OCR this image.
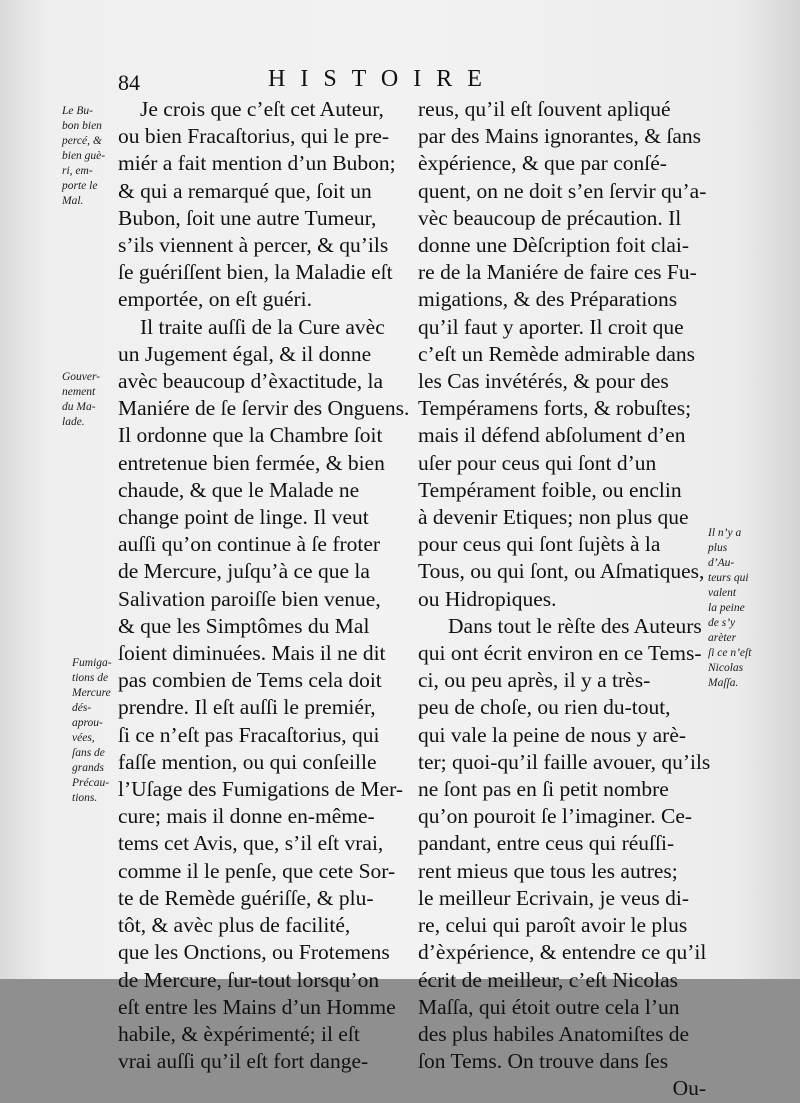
84	HISTOIRE
Le Bu-
bon bien
percé, &
bien guè-
ri, em-
porte le
Mal.
Gouver-
nement
du Ma-
lade.
Fumiga-
tions de
Mercure
dés-
aprou-
vées,
ſans de
grands
Précau-
tions.
Il n’y a
plus
d’Au-
teurs qui
valent
la peine
de s’y
arèter
ſi ce n’eſt
Nicolas
Maſſa.
Je crois que c’eſt cet Auteur,
ou bien Fracaſtorius, qui le pre-
miér a fait mention d’un Bubon;
& qui a remarqué que, ſoit un
Bubon, ſoit une autre Tumeur,
s’ils viennent à percer, & qu’ils
ſe guériſſent bien, la Maladie eſt
emportée, on eſt guéri.
Il traite auſſi de la Cure avèc
un Jugement égal, & il donne
avèc beaucoup d’èxactitude, la
Maniére de ſe ſervir des Onguens.
Il ordonne que la Chambre ſoit
entretenue bien fermée, & bien
chaude, & que le Malade ne
change point de linge. Il veut
auſſi qu’on continue à ſe froter
de Mercure, juſqu’à ce que la
Salivation paroiſſe bien venue,
& que les Simptômes du Mal
ſoient diminuées. Mais il ne dit
pas combien de Tems cela doit
prendre. Il eſt auſſi le premiér,
ſi ce n’eſt pas Fracaſtorius, qui
faſſe mention, ou qui conſeille
l’Uſage des Fumigations de Mer-
cure; mais il donne en-même-
tems cet Avis, que, s’il eſt vrai,
comme il le penſe, que cete Sor-
te de Remède guériſſe, & plu-
tôt, & avèc plus de facilité,
que les Onctions, ou Frotemens
de Mercure, ſur-tout lorsqu’on
eſt entre les Mains d’un Homme
habile, & èxpérimenté; il eſt
vrai auſſi qu’il eſt fort dange-
reus, qu’il eſt ſouvent apliqué
par des Mains ignorantes, & ſans
èxpérience, & que par conſé-
quent, on ne doit s’en ſervir qu’a-
vèc beaucoup de précaution. Il
donne une Dèſcription foit clai-
re de la Maniére de faire ces Fu-
migations, & des Préparations
qu’il faut y aporter. Il croit que
c’eſt un Remède admirable dans
les Cas invétérés, & pour des
Tempéramens forts, & robuſtes;
mais il défend abſolument d’en
uſer pour ceus qui ſont d’un
Tempérament foible, ou enclin
à devenir Etiques; non plus que
pour ceus qui ſont ſujèts à la
Tous, ou qui ſont, ou Aſmatiques,
ou Hidropiques.
Dans tout le rèſte des Auteurs
qui ont écrit environ en ce Tems-
ci, ou peu après, il y a très-
peu de choſe, ou rien du-tout,
qui vale la peine de nous y arè-
ter; quoi-qu’il faille avouer, qu’ils
ne ſont pas en ſi petit nombre
qu’on pouroit ſe l’imaginer. Ce-
pandant, entre ceus qui réuſſi-
rent mieus que tous les autres;
le meilleur Ecrivain, je veus di-
re, celui qui paroît avoir le plus
d’èxpérience, & entendre ce qu’il
écrit de meilleur, c’eſt Nicolas
Maſſa, qui étoit outre cela l’un
des plus habiles Anatomiſtes de
ſon Tems. On trouve dans ſes
Ou-
